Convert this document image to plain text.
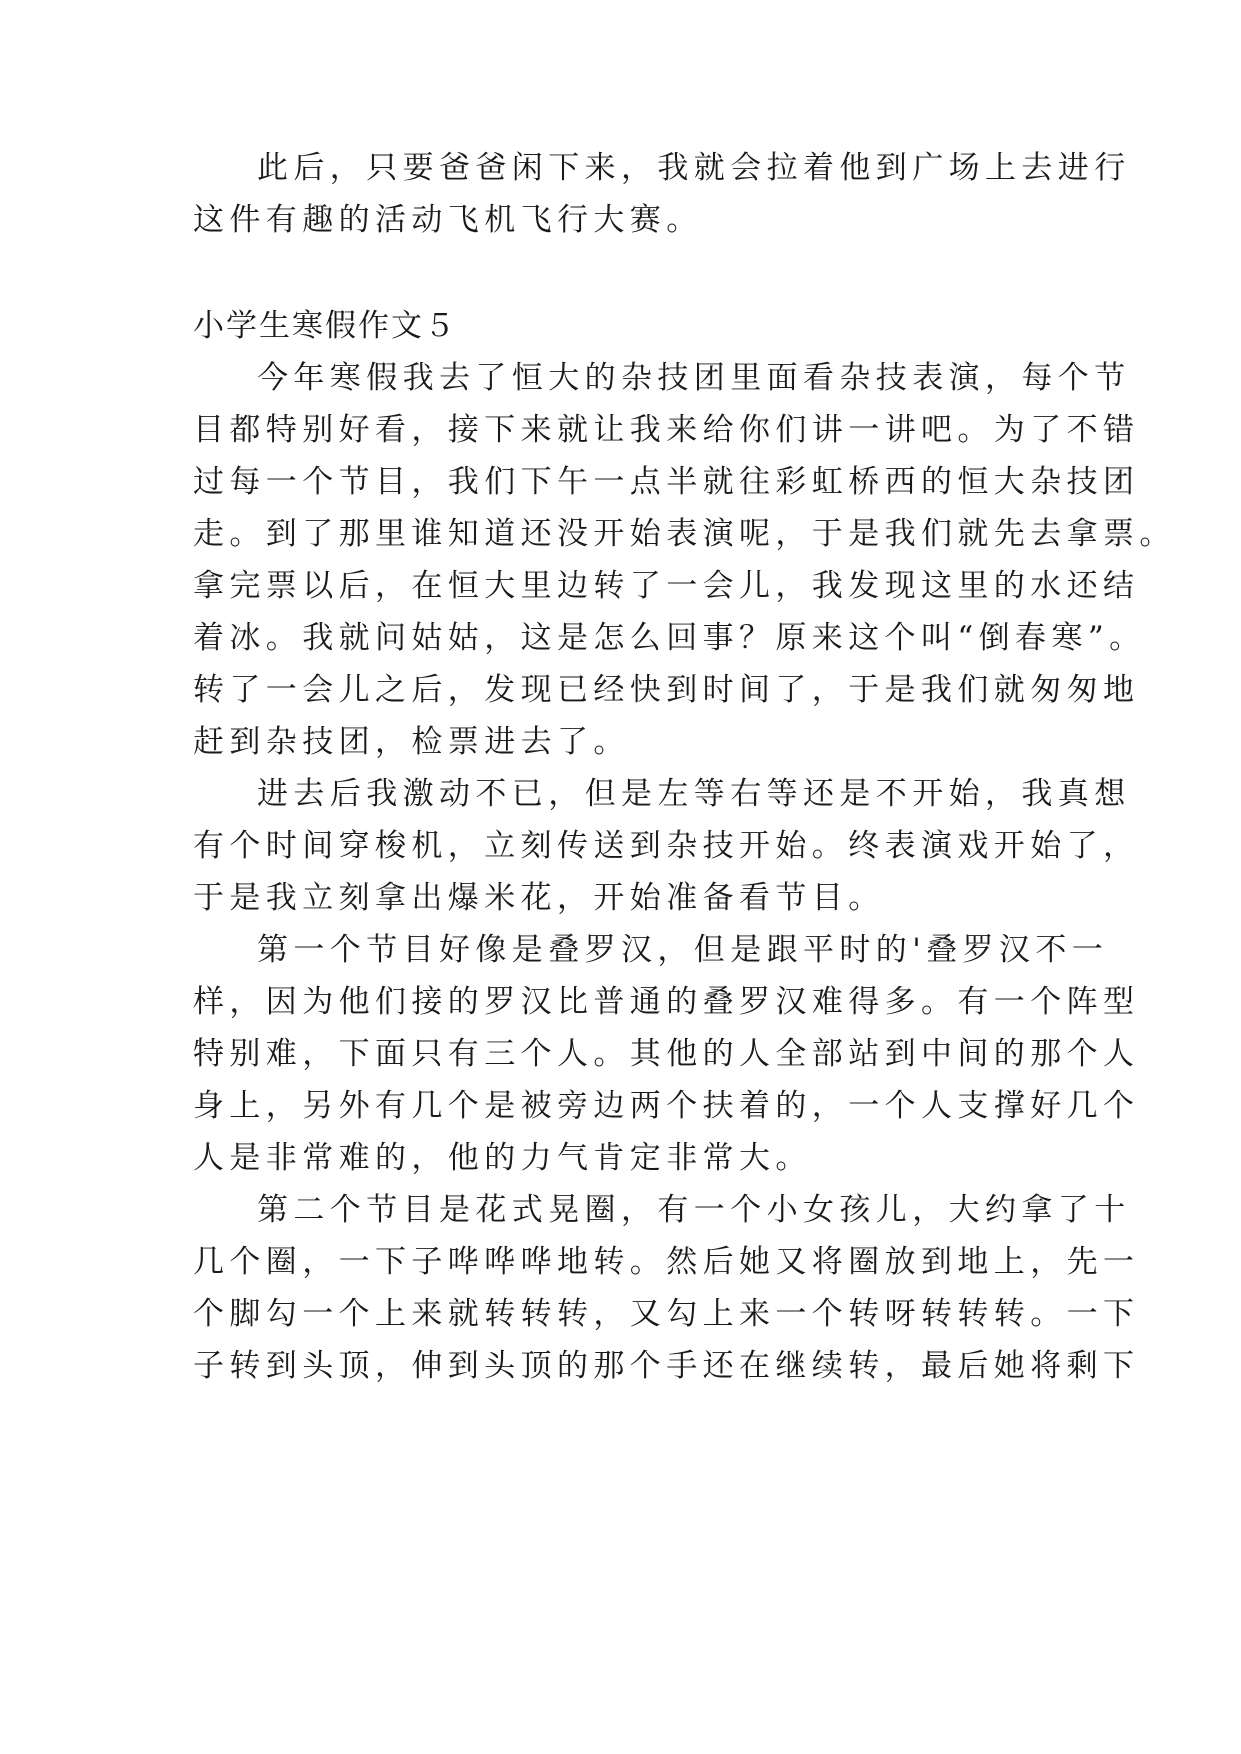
此后，只要爸爸闲下来，我就会拉着他到广场上去进行
这件有趣的活动飞机飞行大赛。
小学生寒假作文５
今年寒假我去了恒大的杂技团里面看杂技表演，每个节
目都特别好看，接下来就让我来给你们讲一讲吧。为了不错
过每一个节目，我们下午一点半就往彩虹桥西的恒大杂技团
走。到了那里谁知道还没开始表演呢，于是我们就先去拿票。
拿完票以后，在恒大里边转了一会儿，我发现这里的水还结
着冰。我就问姑姑，这是怎么回事？原来这个叫“倒春寒”。
转了一会儿之后，发现已经快到时间了，于是我们就匆匆地
赶到杂技团，检票进去了。
进去后我激动不已，但是左等右等还是不开始，我真想
有个时间穿梭机，立刻传送到杂技开始。终表演戏开始了，
于是我立刻拿出爆米花，开始准备看节目。
第一个节目好像是叠罗汉，但是跟平时的'叠罗汉不一
样，因为他们接的罗汉比普通的叠罗汉难得多。有一个阵型
特别难，下面只有三个人。其他的人全部站到中间的那个人
身上，另外有几个是被旁边两个扶着的，一个人支撑好几个
人是非常难的，他的力气肯定非常大。
第二个节目是花式晃圈，有一个小女孩儿，大约拿了十
几个圈，一下子哗哗哗地转。然后她又将圈放到地上，先一
个脚勾一个上来就转转转，又勾上来一个转呀转转转。一下
子转到头顶，伸到头顶的那个手还在继续转，最后她将剩下
